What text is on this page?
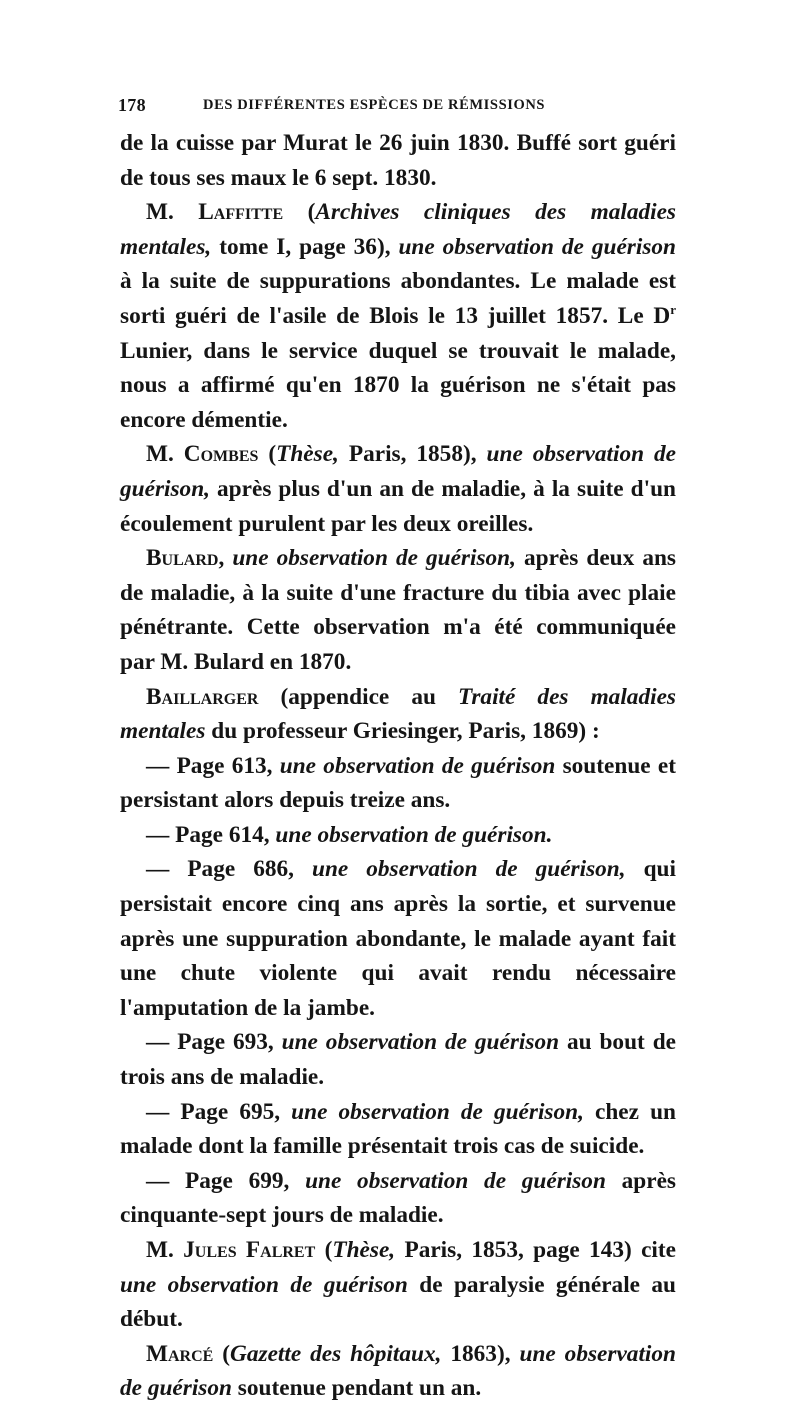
178	DES DIFFÉRENTES ESPÈCES DE RÉMISSIONS

de la cuisse par Murat le 26 juin 1830. Buffé sort guéri de tous ses maux le 6 sept. 1830.

M. Laffitte (Archives cliniques des maladies mentales, tome I, page 36), une observation de guérison à la suite de suppurations abondantes. Le malade est sorti guéri de l'asile de Blois le 13 juillet 1857. Le $D^r$ Lunier, dans le service duquel se trouvait le malade, nous a affirmé qu'en 1870 la guérison ne s'était pas encore démentie.

M. Combes (Thèse, Paris, 1858), une observation de guérison, après plus d'un an de maladie, à la suite d'un écoulement purulent par les deux oreilles.

Bulard, une observation de guérison, après deux ans de maladie, à la suite d'une fracture du tibia avec plaie pénétrante. Cette observation m'a été communiquée par M. Bulard en 1870.

Baillarger (appendice au Traité des maladies mentales du professeur Griesinger, Paris, 1869) :

— Page 613, une observation de guérison soutenue et persistant alors depuis treize ans.

— Page 614, une observation de guérison.

— Page 686, une observation de guérison, qui persistait encore cinq ans après la sortie, et survenue après une suppuration abondante, le malade ayant fait une chute violente qui avait rendu nécessaire l'amputation de la jambe.

— Page 693, une observation de guérison au bout de trois ans de maladie.

— Page 695, une observation de guérison, chez un malade dont la famille présentait trois cas de suicide.

— Page 699, une observation de guérison après cinquante-sept jours de maladie.

M. Jules Falret (Thèse, Paris, 1853, page 143) cite une observation de guérison de paralysie générale au début.

Marcé (Gazette des hôpitaux, 1863), une observation de guérison soutenue pendant un an.
